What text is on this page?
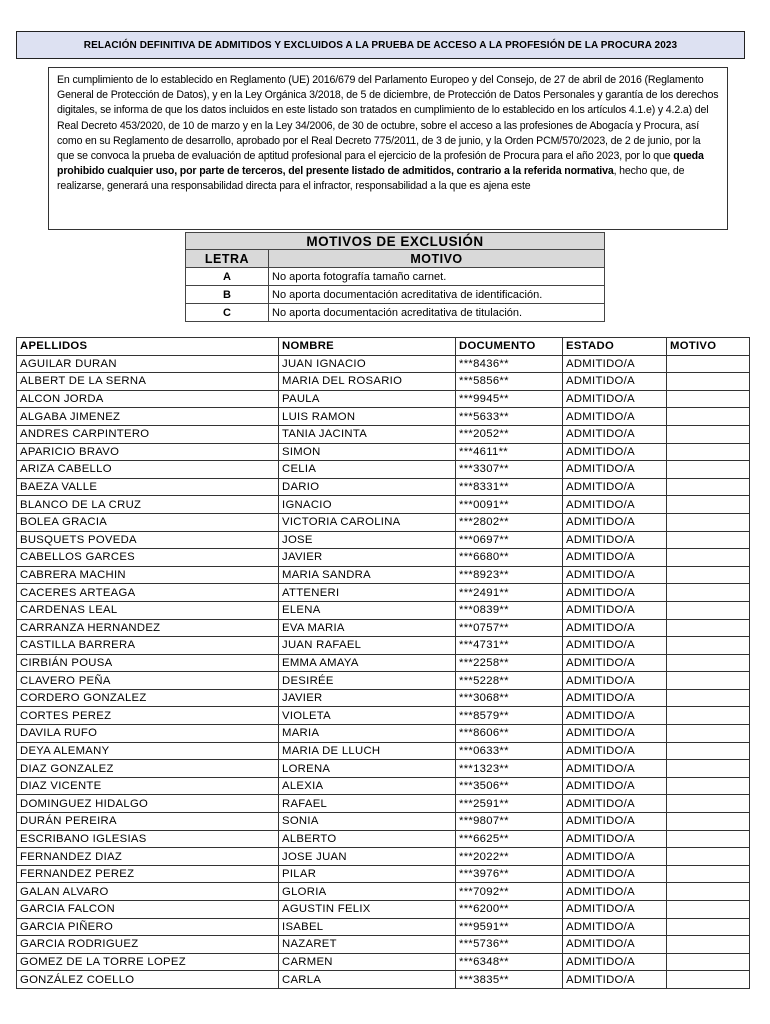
RELACIÓN DEFINITIVA DE ADMITIDOS Y EXCLUIDOS A LA PRUEBA DE ACCESO A LA PROFESIÓN DE LA PROCURA 2023
En cumplimiento de lo establecido en Reglamento (UE) 2016/679 del Parlamento Europeo y del Consejo, de 27 de abril de 2016 (Reglamento General de Protección de Datos), y en la Ley Orgánica 3/2018, de 5 de diciembre, de Protección de Datos Personales y garantía de los derechos digitales, se informa de que los datos incluidos en este listado son tratados en cumplimiento de lo establecido en los artículos 4.1.e) y 4.2.a) del Real Decreto 453/2020, de 10 de marzo y en la Ley 34/2006, de 30 de octubre, sobre el acceso a las profesiones de Abogacía y Procura, así como en su Reglamento de desarrollo, aprobado por el Real Decreto 775/2011, de 3 de junio, y la Orden PCM/570/2023, de 2 de junio, por la que se convoca la prueba de evaluación de aptitud profesional para el ejercicio de la profesión de Procura para el año 2023, por lo que queda prohibido cualquier uso, por parte de terceros, del presente listado de admitidos, contrario a la referida normativa, hecho que, de realizarse, generará una responsabilidad directa para el infractor, responsabilidad a la que es ajena este
MOTIVOS DE EXCLUSIÓN	
LETRA	MOTIVO
A	No aporta fotografía tamaño carnet.
B	No aporta documentación acreditativa de identificación.
C	No aporta documentación acreditativa de titulación.
APELLIDOS	NOMBRE	DOCUMENTO	ESTADO	MOTIVO
AGUILAR DURAN	JUAN IGNACIO	***8436**	ADMITIDO/A	
ALBERT DE LA SERNA	MARIA DEL ROSARIO	***5856**	ADMITIDO/A	
ALCON JORDA	PAULA	***9945**	ADMITIDO/A	
ALGABA JIMENEZ	LUIS RAMON	***5633**	ADMITIDO/A	
ANDRES CARPINTERO	TANIA JACINTA	***2052**	ADMITIDO/A	
APARICIO BRAVO	SIMON	***4611**	ADMITIDO/A	
ARIZA CABELLO	CELIA	***3307**	ADMITIDO/A	
BAEZA VALLE	DARIO	***8331**	ADMITIDO/A	
BLANCO DE LA CRUZ	IGNACIO	***0091**	ADMITIDO/A	
BOLEA GRACIA	VICTORIA CAROLINA	***2802**	ADMITIDO/A	
BUSQUETS POVEDA	JOSE	***0697**	ADMITIDO/A	
CABELLOS GARCES	JAVIER	***6680**	ADMITIDO/A	
CABRERA MACHIN	MARIA SANDRA	***8923**	ADMITIDO/A	
CACERES ARTEAGA	ATTENERI	***2491**	ADMITIDO/A	
CARDENAS LEAL	ELENA	***0839**	ADMITIDO/A	
CARRANZA HERNANDEZ	EVA MARIA	***0757**	ADMITIDO/A	
CASTILLA BARRERA	JUAN RAFAEL	***4731**	ADMITIDO/A	
CIRBIÁN POUSA	EMMA AMAYA	***2258**	ADMITIDO/A	
CLAVERO PEÑA	DESIRÉE	***5228**	ADMITIDO/A	
CORDERO GONZALEZ	JAVIER	***3068**	ADMITIDO/A	
CORTES PEREZ	VIOLETA	***8579**	ADMITIDO/A	
DAVILA RUFO	MARIA	***8606**	ADMITIDO/A	
DEYA ALEMANY	MARIA DE LLUCH	***0633**	ADMITIDO/A	
DIAZ GONZALEZ	LORENA	***1323**	ADMITIDO/A	
DIAZ VICENTE	ALEXIA	***3506**	ADMITIDO/A	
DOMINGUEZ HIDALGO	RAFAEL	***2591**	ADMITIDO/A	
DURÁN PEREIRA	SONIA	***9807**	ADMITIDO/A	
ESCRIBANO IGLESIAS	ALBERTO	***6625**	ADMITIDO/A	
FERNANDEZ DIAZ	JOSE JUAN	***2022**	ADMITIDO/A	
FERNANDEZ PEREZ	PILAR	***3976**	ADMITIDO/A	
GALAN ALVARO	GLORIA	***7092**	ADMITIDO/A	
GARCIA FALCON	AGUSTIN FELIX	***6200**	ADMITIDO/A	
GARCIA PIÑERO	ISABEL	***9591**	ADMITIDO/A	
GARCIA RODRIGUEZ	NAZARET	***5736**	ADMITIDO/A	
GOMEZ DE LA TORRE LOPEZ	CARMEN	***6348**	ADMITIDO/A	
GONZÁLEZ COELLO	CARLA	***3835**	ADMITIDO/A	
